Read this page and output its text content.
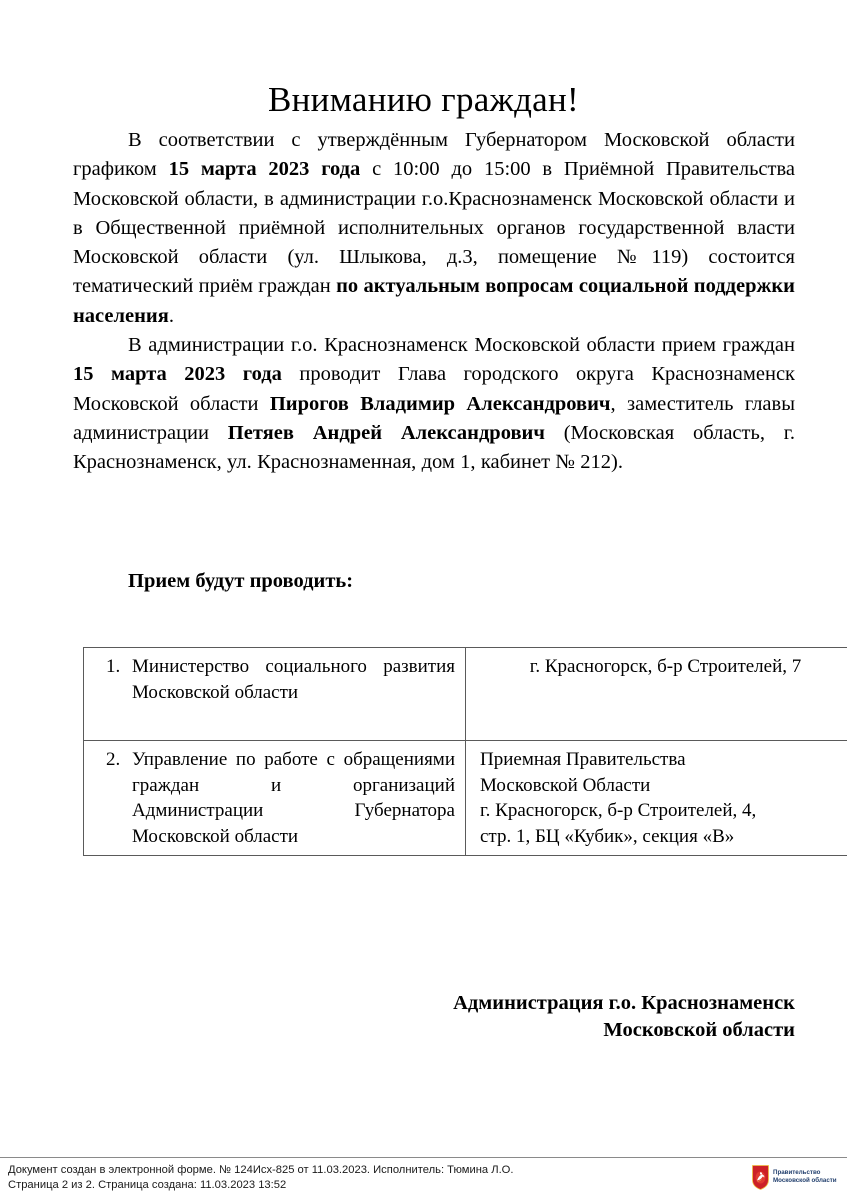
Вниманию граждан!

В соответствии с утверждённым Губернатором Московской области графиком 15 марта 2023 года с 10:00 до 15:00 в Приёмной Правительства Московской области, в администрации г.о.Краснознаменск Московской области и в Общественной приёмной исполнительных органов государственной власти Московской области (ул. Шлыкова, д.3, помещение №119) состоится тематический приём граждан по актуальным вопросам социальной поддержки населения.

В администрации г.о. Краснознаменск Московской области прием граждан 15 марта 2023 года проводит Глава городского округа Краснознаменск Московской области Пирогов Владимир Александрович, заместитель главы администрации Петяев Андрей Александрович (Московская область, г. Краснознаменск, ул. Краснознаменная, дом 1, кабинет № 212).

Прием будут проводить:
1. Министерство социального развития Московской области	г. Красногорск, б-р Строителей, 7

2. Управление по работе с обращениями граждан и организаций Администрации Губернатора Московской области	Приемная Правительства
Московской Области
г. Красногорск, б-р Строителей, 4,
стр. 1, БЦ «Кубик», секция «В»
Администрация г.о. Краснознаменск
Московской области
Документ создан в электронной форме. № 124Исх-825 от 11.03.2023. Исполнитель: Тюмина Л.О.
Страница 2 из 2. Страница создана: 11.03.2023 13:52
Правительство
Московской области
